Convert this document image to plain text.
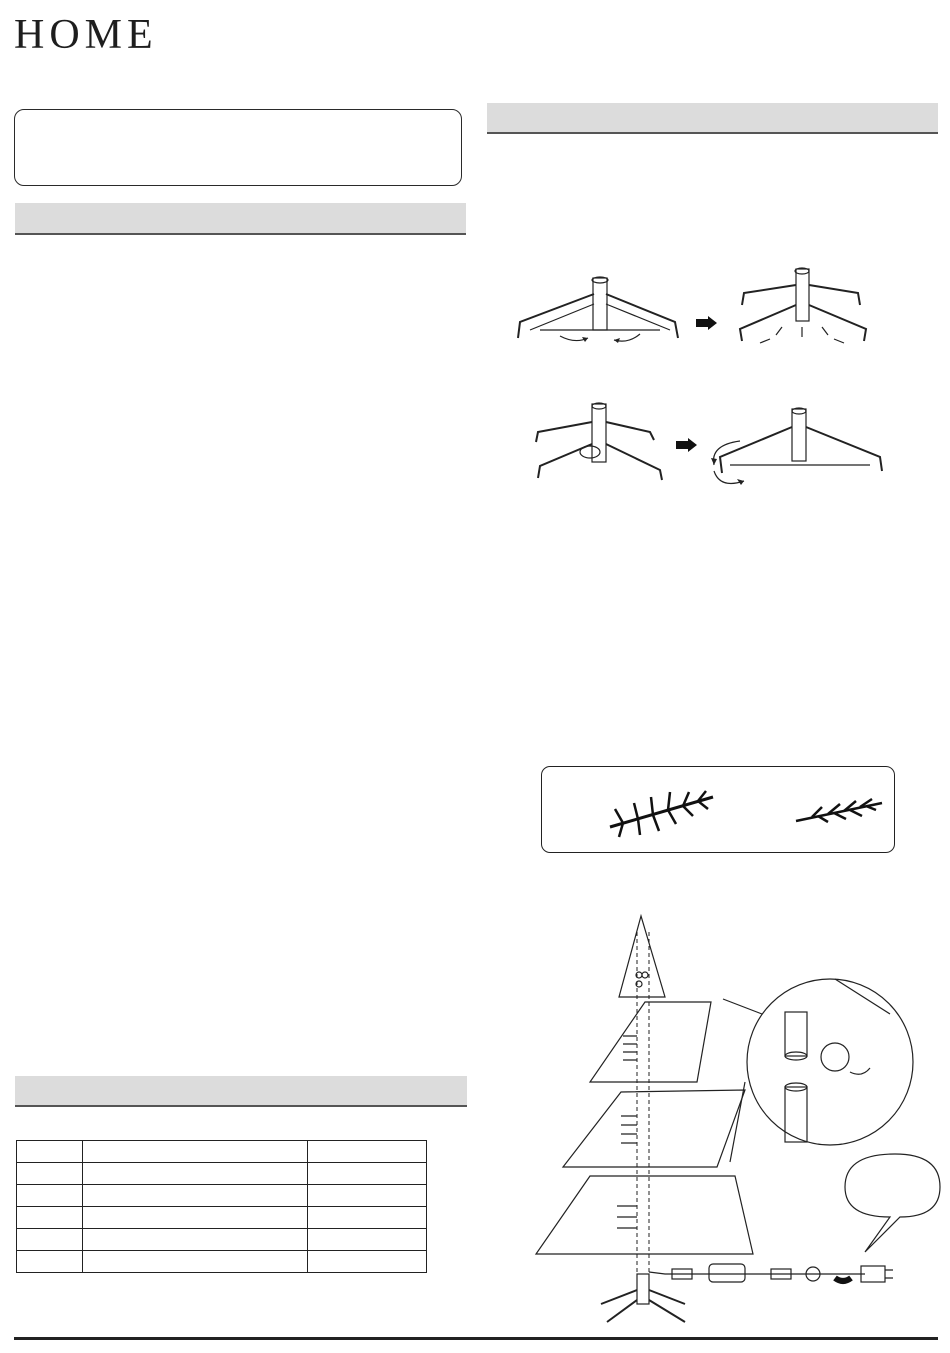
HOME
